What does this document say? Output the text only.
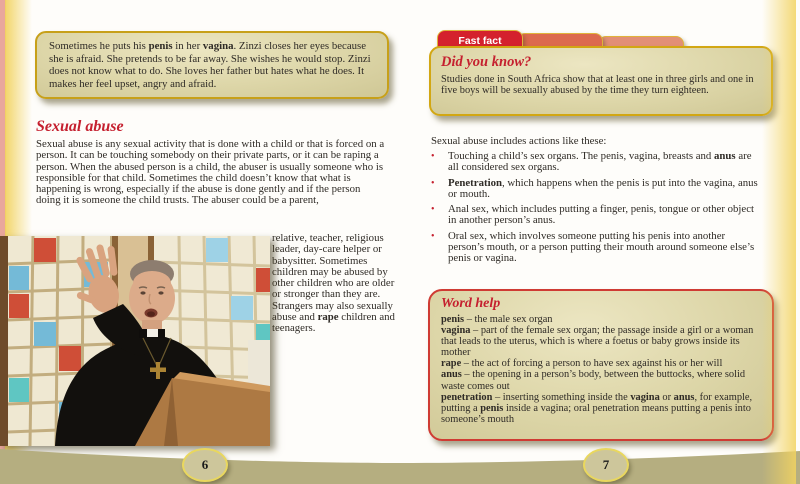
Sometimes he puts his penis in her vagina. Zinzi closes her eyes because she is afraid. She pretends to be far away. She wishes he would stop. Zinzi does not know what to do. She loves her father but hates what he does. It makes her feel upset, angry and afraid.
Sexual abuse
Sexual abuse is any sexual activity that is done with a child or that is forced on a person. It can be touching somebody on their private parts, or it can be raping a person. When the abused person is a child, the abuser is usually someone who is responsible for that child. Sometimes the child doesn’t know that what is happening is wrong, especially if the abuse is done gently and if the person doing it is someone the child trusts. The abuser could be a parent,
relative, teacher, religious leader, day-care helper or babysitter. Sometimes children may be abused by other children who are older or stronger than they are. Strangers may also sexually abuse and rape children and teenagers.
Fast fact
Did you know?
Studies done in South Africa show that at least one in three girls and one in five boys will be sexually abused by the time they turn eighteen.
Sexual abuse includes actions like these:
•	Touching a child’s sex organs. The penis, vagina, breasts and anus are all considered sex organs.
•	Penetration, which happens when the penis is put into the vagina, anus or mouth.
•	Anal sex, which includes putting a finger, penis, tongue or other object in another person’s anus.
•	Oral sex, which involves someone putting his penis into another person’s mouth, or a person putting their mouth around someone else’s penis or vagina.
Word help
penis – the male sex organ
vagina – part of the female sex organ; the passage inside a girl or a woman that leads to the uterus, which is where a foetus or baby grows inside its mother
rape – the act of forcing a person to have sex against his or her will
anus – the opening in a person’s body, between the buttocks, where solid waste comes out
penetration – inserting something inside the vagina or anus, for example, putting a penis inside a vagina; oral penetration means putting a penis into someone’s mouth
6	7
